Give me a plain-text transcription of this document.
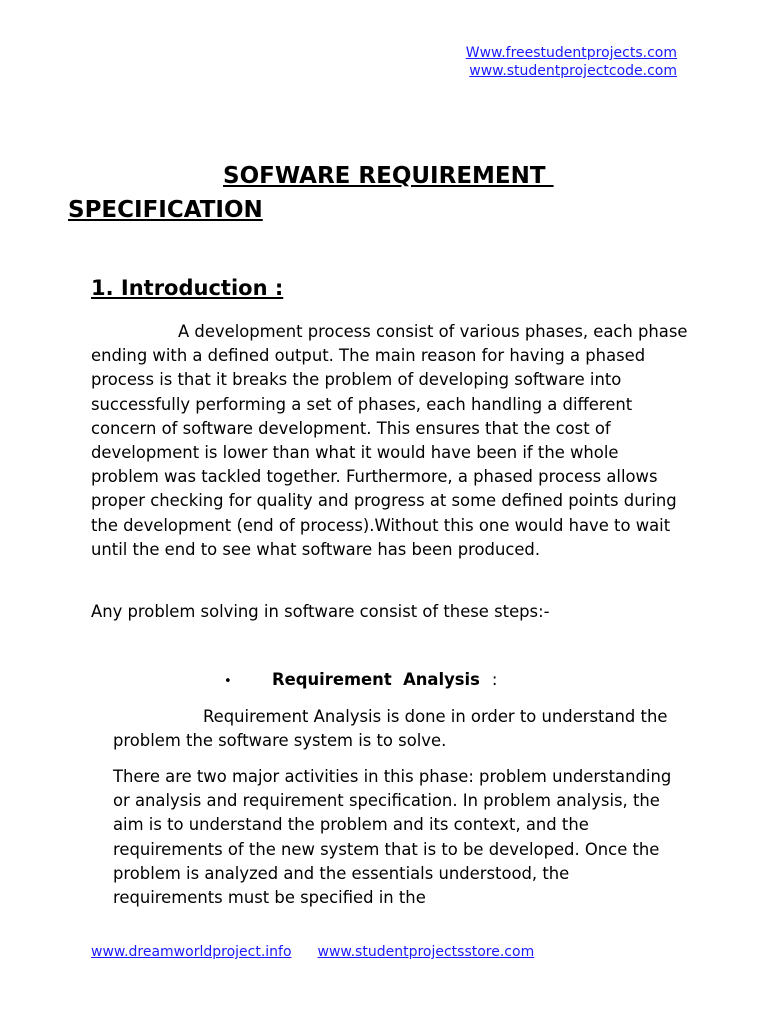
Www.freestudentprojects.com
www.studentprojectcode.com
SOFWARE REQUIREMENT
SPECIFICATION
1. Introduction :

A development process consist of various phases, each phase ending with a defined output. The main reason for having a phased process is that it breaks the problem of developing software into successfully performing a set of phases, each handling a different concern of software development. This ensures that the cost of development is lower than what it would have been if the whole problem was tackled together. Furthermore, a phased process allows proper checking for quality and progress at some defined points during the development (end of process).Without this one would have to wait until the end to see what software has been produced.

Any problem solving in software consist of these steps:-

• Requirement  Analysis :

Requirement Analysis is done in order to understand the problem the software system is to solve.

There are two major activities in this phase: problem understanding or analysis and requirement specification. In problem analysis, the aim is to understand the problem and its context, and the requirements of the new system that is to be developed. Once the problem is analyzed and the essentials understood, the requirements must be specified in the

www.dreamworldproject.info www.studentprojectsstore.com
